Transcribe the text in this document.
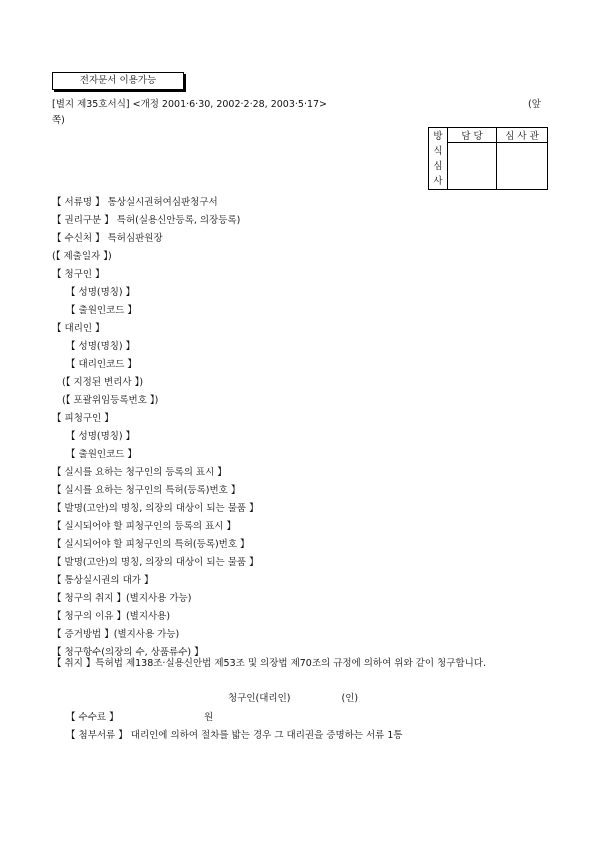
전자문서 이용가능
[별지 제35호서식] <개정 2001·6·30, 2002·2·28, 2003·5·17>	(앞
쪽)
방
식
심
사	담 당	심 사 관

【 서류명 】 통상실시권허여심판청구서
【 권리구분 】 특허(실용신안등록, 의장등록)
【 수신처 】 특허심판원장
(【 제출일자 】)
【 청구인 】
【 성명(명칭) 】
【 출원인코드 】
【 대리인 】
【 성명(명칭) 】
【 대리인코드 】
(【 지정된 변리사 】)
(【 포괄위임등록번호 】)
【 피청구인 】
【 성명(명칭) 】
【 출원인코드 】
【 실시를 요하는 청구인의 등록의 표시 】
【 실시를 요하는 청구인의 특허(등록)번호 】
【 발명(고안)의 명칭, 의장의 대상이 되는 물품 】
【 실시되어야 할 피청구인의 등록의 표시 】
【 실시되어야 할 피청구인의 특허(등록)번호 】
【 발명(고안)의 명칭, 의장의 대상이 되는 물품 】
【 통상실시권의 대가 】
【 청구의 취지 】(별지사용 가능)
【 청구의 이유 】(별지사용)
【 증거방법 】(별지사용 가능)
【 청구항수(의장의 수, 상품류수) 】
【 취지 】특허법 제138조·실용신안법 제53조 및 의장법 제70조의 규정에 의하여 위와 같이 청구합니다.
청구인(대리인)	(인)
【 수수료 】	원
【 첨부서류 】 대리인에 의하여 절차를 밟는 경우 그 대리권을 증명하는 서류 1통
